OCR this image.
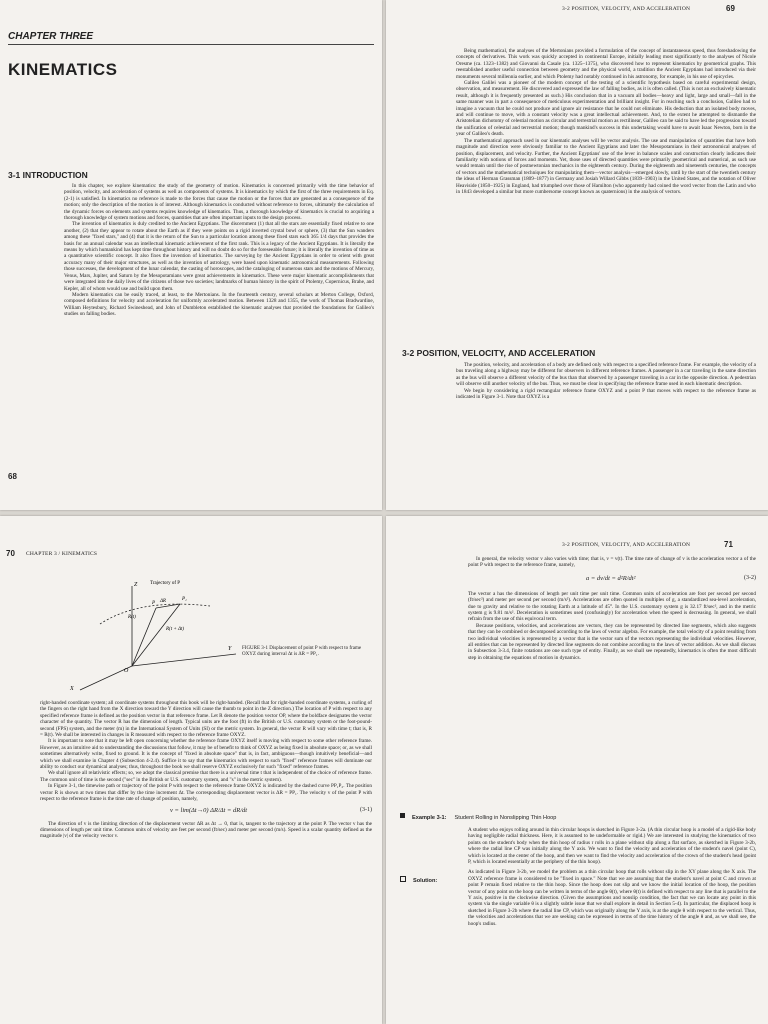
CHAPTER THREE
KINEMATICS
3-1 INTRODUCTION

In this chapter, we explore kinematics: the study of the geometry of motion. Kinematics is concerned primarily with the time behavior of position, velocity, and acceleration of systems as well as components of systems. It is kinematics by which the first of the three requirements in Eq. (2-1) is satisfied. In kinematics no reference is made to the forces that cause the motion or the forces that are generated as a consequence of the motion; only the description of the motion is of interest. Although kinematics is conducted without reference to forces, ultimately the calculation of the dynamic forces on elements and systems requires knowledge of kinematics. Thus, a thorough knowledge of kinematics is crucial to acquiring a thorough knowledge of system motions and forces, quantities that are often important inputs to the design process.

The invention of kinematics is duly credited to the Ancient Egyptians. The discernment (1) that all the stars are essentially fixed relative to one another, (2) that they appear to rotate about the Earth as if they were points on a rigid inverted crystal bowl or sphere, (3) that the Sun wanders among these "fixed stars," and (4) that it is the return of the Sun to a particular location among these fixed stars each 365 1/4 days that provides the basis for an annual calendar was an intellectual kinematic achievement of the first rank. This is a legacy of the Ancient Egyptians. It is literally the means by which humankind has kept time throughout history and will no doubt do so for the foreseeable future; it is literally the invention of time as a quantitative scientific concept. It also fixes the invention of kinematics. The surveying by the Ancient Egyptians in order to orient with great accuracy many of their major structures, as well as the invention of astrology, were based upon kinematic astronomical measurements. Following those successes, the development of the lunar calendar, the casting of horoscopes, and the cataloging of numerous stars and the motions of Mercury, Venus, Mars, Jupiter, and Saturn by the Mesopotamians were great achievements in kinematics. These were major kinematic accomplishments that were integrated into the daily lives of the citizens of those two societies; landmarks of human history in the spirit of Ptolemy, Copernicus, Brahe, and Kepler, all of whom would use and build upon them.

Modern kinematics can be easily traced, at least, to the Mertonians. In the fourteenth century, several scholars at Merton College, Oxford, composed definitions for velocity and acceleration for uniformly accelerated motion. Between 1328 and 1355, the work of Thomas Bradwardine, William Heytesbury, Richard Swineshead, and John of Dumbleton established the kinematic analyses that provided the foundations for Galileo's studies on falling bodies.

68
3-2 POSITION, VELOCITY, AND ACCELERATION	69

Being mathematical, the analyses of the Mertonians provided a formulation of the concept of instantaneous speed, thus foreshadowing the concepts of derivatives. This work was quickly accepted in continental Europe, initially leading most significantly to the analyses of Nicole Oresme (ca. 1323–1382) and Giovanni da Casale (ca. 1325–1375), who discovered how to represent kinematics by geometrical graphs. This reestablished another useful connection between geometry and the physical world, a tradition the Ancient Egyptians had introduced via their monuments several millennia earlier, and which Ptolemy had notably continued in his astronomy, for example, in his use of epicycles.

Galileo Galilei was a pioneer of the modern concept of the testing of a scientific hypothesis based on careful experimental design, observation, and measurement. He discovered and expressed the law of falling bodies, as it is often called. (This is not an exclusively kinematic result, although it is frequently presented as such.) His conclusion that in a vacuum all bodies—heavy and light, large and small—fall in the same manner was in part a consequence of meticulous experimentation and brilliant insight. For in reaching such a conclusion, Galileo had to imagine a vacuum that he could not produce and ignore air resistance that he could not eliminate. His deduction that an isolated body moves, and will continue to move, with a constant velocity was a great intellectual achievement. And, to the extent he attempted to dismantle the Aristotelian dichotomy of celestial motion as circular and terrestrial motion as rectilinear, Galileo can be said to have led the progression toward the unification of celestial and terrestrial motion; though mankind's success in this undertaking would have to await Isaac Newton, born in the year of Galileo's death.

The mathematical approach used in our kinematic analyses will be vector analysis. The use and manipulation of quantities that have both magnitude and direction were obviously familiar to the Ancient Egyptians and later the Mesopotamians in their astronomical analyses of position, displacement, and velocity. Further, the Ancient Egyptians' use of the lever in balance scales and construction clearly indicates their familiarity with notions of forces and moments. Yet, those uses of directed quantities were primarily geometrical and numerical, as such use would remain until the rise of postnewtonian mechanics in the eighteenth century. During the eighteenth and nineteenth centuries, the concepts of vectors and the mathematical techniques for manipulating them—vector analysis—emerged slowly, until by the start of the twentieth century the ideas of Herman Grassman (1809–1877) in Germany and Josiah Willard Gibbs (1839–1903) in the United States, and the notation of Oliver Heaviside (1850–1925) in England, had triumphed over those of Hamilton (who apparently had coined the word vector from the Latin and who in 1843 developed a similar but more cumbersome concept known as quaternions) in the analysis of vectors.

3-2 POSITION, VELOCITY, AND ACCELERATION

The position, velocity, and acceleration of a body are defined only with respect to a specified reference frame. For example, the velocity of a bus traveling along a highway may be different for observers in different reference frames. A passenger in a car traveling in the same direction as the bus will observe a different velocity of the bus than that observed by a passenger traveling in a car in the opposite direction. A pedestrian will observe still another velocity of the bus. Thus, we must be clear in specifying the reference frame used in each kinematic description.

We begin by considering a rigid rectangular reference frame OXYZ and a point P that moves with respect to the reference frame as indicated in Figure 3-1. Note that OXYZ is a

70 CHAPTER 3 / KINEMATICS
Z
Y
X
O
Trajectory of P
R(t)
R(t + Δt)
ΔR
P
P₁
FIGURE 3-1 Displacement of point P with respect to frame OXYZ during interval Δt is ΔR = PP₁.

right-handed coordinate system; all coordinate systems throughout this book will be right-handed. (Recall that for right-handed coordinate systems, a curling of the fingers on the right hand from the X direction toward the Y direction will cause the thumb to point in the Z direction.) The location of P with respect to any specified reference frame is defined as the position vector in that reference frame. Let R denote the position vector OP, where the boldface designates the vector character of the quantity. The vector R has the dimension of length. Typical units are the foot (ft) in the British or U.S. customary system or the foot-pound-second (FPS) system, and the meter (m) in the International System of Units (SI) or the metric system. In general, the vector R will vary with time t; that is, R = R(t). We shall be interested in changes in R measured with respect to the reference frame OXYZ.

It is important to note that it may be left open concerning whether the reference frame OXYZ itself is moving with respect to some other reference frame. However, as an intuitive aid to understanding the discussions that follow, it may be of benefit to think of OXYZ as being fixed in absolute space; or, as we shall sometimes alternatively write, fixed to ground. It is the concept of "fixed in absolute space" that is, in fact, ambiguous—though intuitively beneficial—and which we shall examine in Chapter 4 (Subsection 4-2.4). Suffice it to say that the kinematics with respect to such "fixed" reference frames will dominate our ability to conduct our dynamical analyses; thus, throughout the book we shall reserve OXYZ exclusively for such "fixed" reference frames.

We shall ignore all relativistic effects; so, we adopt the classical premise that there is a universal time t that is independent of the choice of reference frame. The common unit of time is the second ("sec" in the British or U.S. customary system, and "s" in the metric system).

In Figure 3-1, the timewise path or trajectory of the point P with respect to the reference frame OXYZ is indicated by the dashed curve PP₁P₂. The position vector R is shown at two times that differ by the time increment Δt. The corresponding displacement vector is ΔR = PP₁. The velocity v of the point P with respect to the reference frame is the time rate of change of position, namely,

v = lim(Δt→0) ΔR/Δt = dR/dt	(3-1)

The direction of v is the limiting direction of the displacement vector ΔR as Δt → 0, that is, tangent to the trajectory at the point P. The vector v has the dimensions of length per unit time. Common units of velocity are feet per second (ft/sec) and meter per second (m/s). Speed is a scalar quantity defined as the magnitude |v| of the velocity vector v.

3-2 POSITION, VELOCITY, AND ACCELERATION	71

In general, the velocity vector v also varies with time; that is, v = v(t). The time rate of change of v is the acceleration vector a of the point P with respect to the reference frame, namely,

a = dv/dt = d²R/dt²	(3-2)

The vector a has the dimensions of length per unit time per unit time. Common units of acceleration are foot per second per second (ft/sec²) and meter per second per second (m/s²). Accelerations are often quoted in multiples of g, a standardized sea-level acceleration, due to gravity and relative to the rotating Earth at a latitude of 45°. In the U.S. customary system g is 32.17 ft/sec², and in the metric system g is 9.81 m/s². Deceleration is sometimes used (confusingly) for acceleration when the speed is decreasing. In general, we shall refrain from the use of this equivocal term.

Because positions, velocities, and accelerations are vectors, they can be represented by directed line segments, which also suggests that they can be combined or decomposed according to the laws of vector algebra. For example, the total velocity of a point resulting from two individual velocities is represented by a vector that is the vector sum of the vectors representing the individual velocities. However, all entities that can be represented by directed line segments do not combine according to the laws of vector addition. As we shall discuss in Subsection 3-3.4, finite rotations are one such type of entity. Finally, as we shall see repeatedly, kinematics is often the most difficult step in obtaining the equations of motion in dynamics.

Example 3-1: Student Rolling in Nonslipping Thin Hoop

A student who enjoys rolling around in thin circular hoops is sketched in Figure 3-2a. (A thin circular hoop is a model of a rigid-like body having negligible radial thickness. Here, it is assumed to be undeformable or rigid.) We are interested in studying the kinematics of two points on the student's body when the thin hoop of radius r rolls in a plane without slip along a flat surface, as sketched in Figure 3-2b, where the radial line CP was initially along the Y axis. We want to find the velocity and acceleration of the student's navel (point C), which is located at the center of the hoop, and then we want to find the velocity and acceleration of the crown of the student's head (point P, which is located essentially at the periphery of the thin hoop).

Solution:

As indicated in Figure 3-2b, we model the problem as a thin circular hoop that rolls without slip in the XY plane along the X axis. The OXYZ reference frame is considered to be "fixed in space." Note that we are assuming that the student's navel at point C and crown at point P remain fixed relative to the thin hoop. Since the hoop does not slip and we know the initial location of the hoop, the position vector of any point on the hoop can be written in terms of the angle θ(t), where θ(t) is defined with respect to any line that is parallel to the Y axis, positive in the clockwise direction. (Given the assumptions and nonslip condition, the fact that we can locate any point in this system via the single variable θ is a slightly subtle issue that we shall explore in detail in Section 5-4). In particular, the displaced hoop is sketched in Figure 3-2b where the radial line CP, which was originally along the Y axis, is at the angle θ with respect to the vertical. Thus, the velocities and accelerations that we are seeking can be expressed in terms of the time history of the angle θ and, as we shall see, the hoop's radius.
